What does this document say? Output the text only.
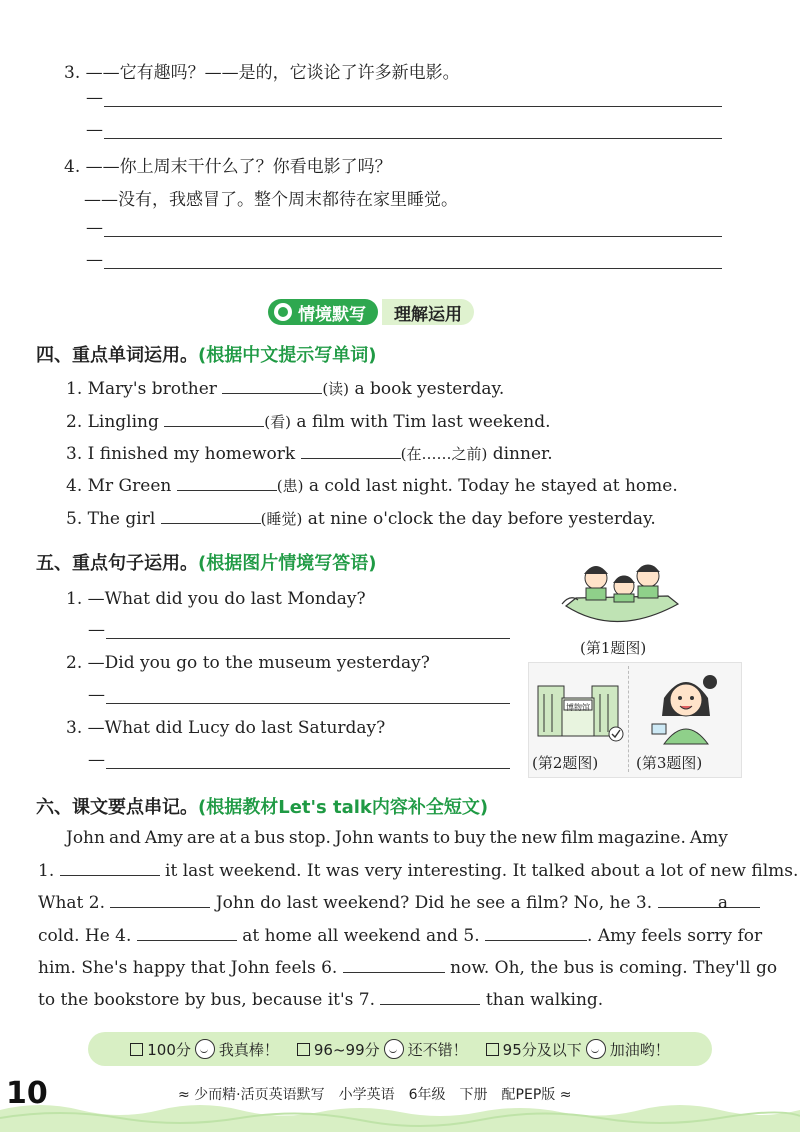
3. ——它有趣吗？——是的，它谈论了许多新电影。
—
—
4. ——你上周末干什么了？你看电影了吗？
——没有，我感冒了。整个周末都待在家里睡觉。
—
—
情境默写	理解运用
四、重点单词运用。(根据中文提示写单词)
1. Mary's brother	(读) a book yesterday.
2. Lingling	(看) a film with Tim last weekend.
3. I finished my homework	(在……之前) dinner.
4. Mr Green	(患) a cold last night. Today he stayed at home.
5. The girl	(睡觉) at nine o'clock the day before yesterday.
五、重点句子运用。(根据图片情境写答语)
1. —What did you do last Monday?
—
2. —Did you go to the museum yesterday?
—
3. —What did Lucy do last Saturday?
—
(第1题图)
博物馆
(第2题图)	(第3题图)
六、课文要点串记。(根据教材Let's talk内容补全短文)
John and Amy are at a bus stop. John wants to buy the new film magazine. Amy
1.	it last weekend. It was very interesting. It talked about a lot of new films.
What 2.	John do last weekend? Did he see a film? No, he 3.	a
cold. He 4.	at home all weekend and 5.	. Amy feels sorry for
him. She's happy that John feels 6.	now. Oh, the bus is coming. They'll go
to the bookstore by bus, because it's 7.	than walking.
100分 我真棒！ 96~99分 还不错！ 95分及以下 加油哟！
10	≈ 少而精·活页英语默写　小学英语　6年级　下册　配PEP版 ≈
